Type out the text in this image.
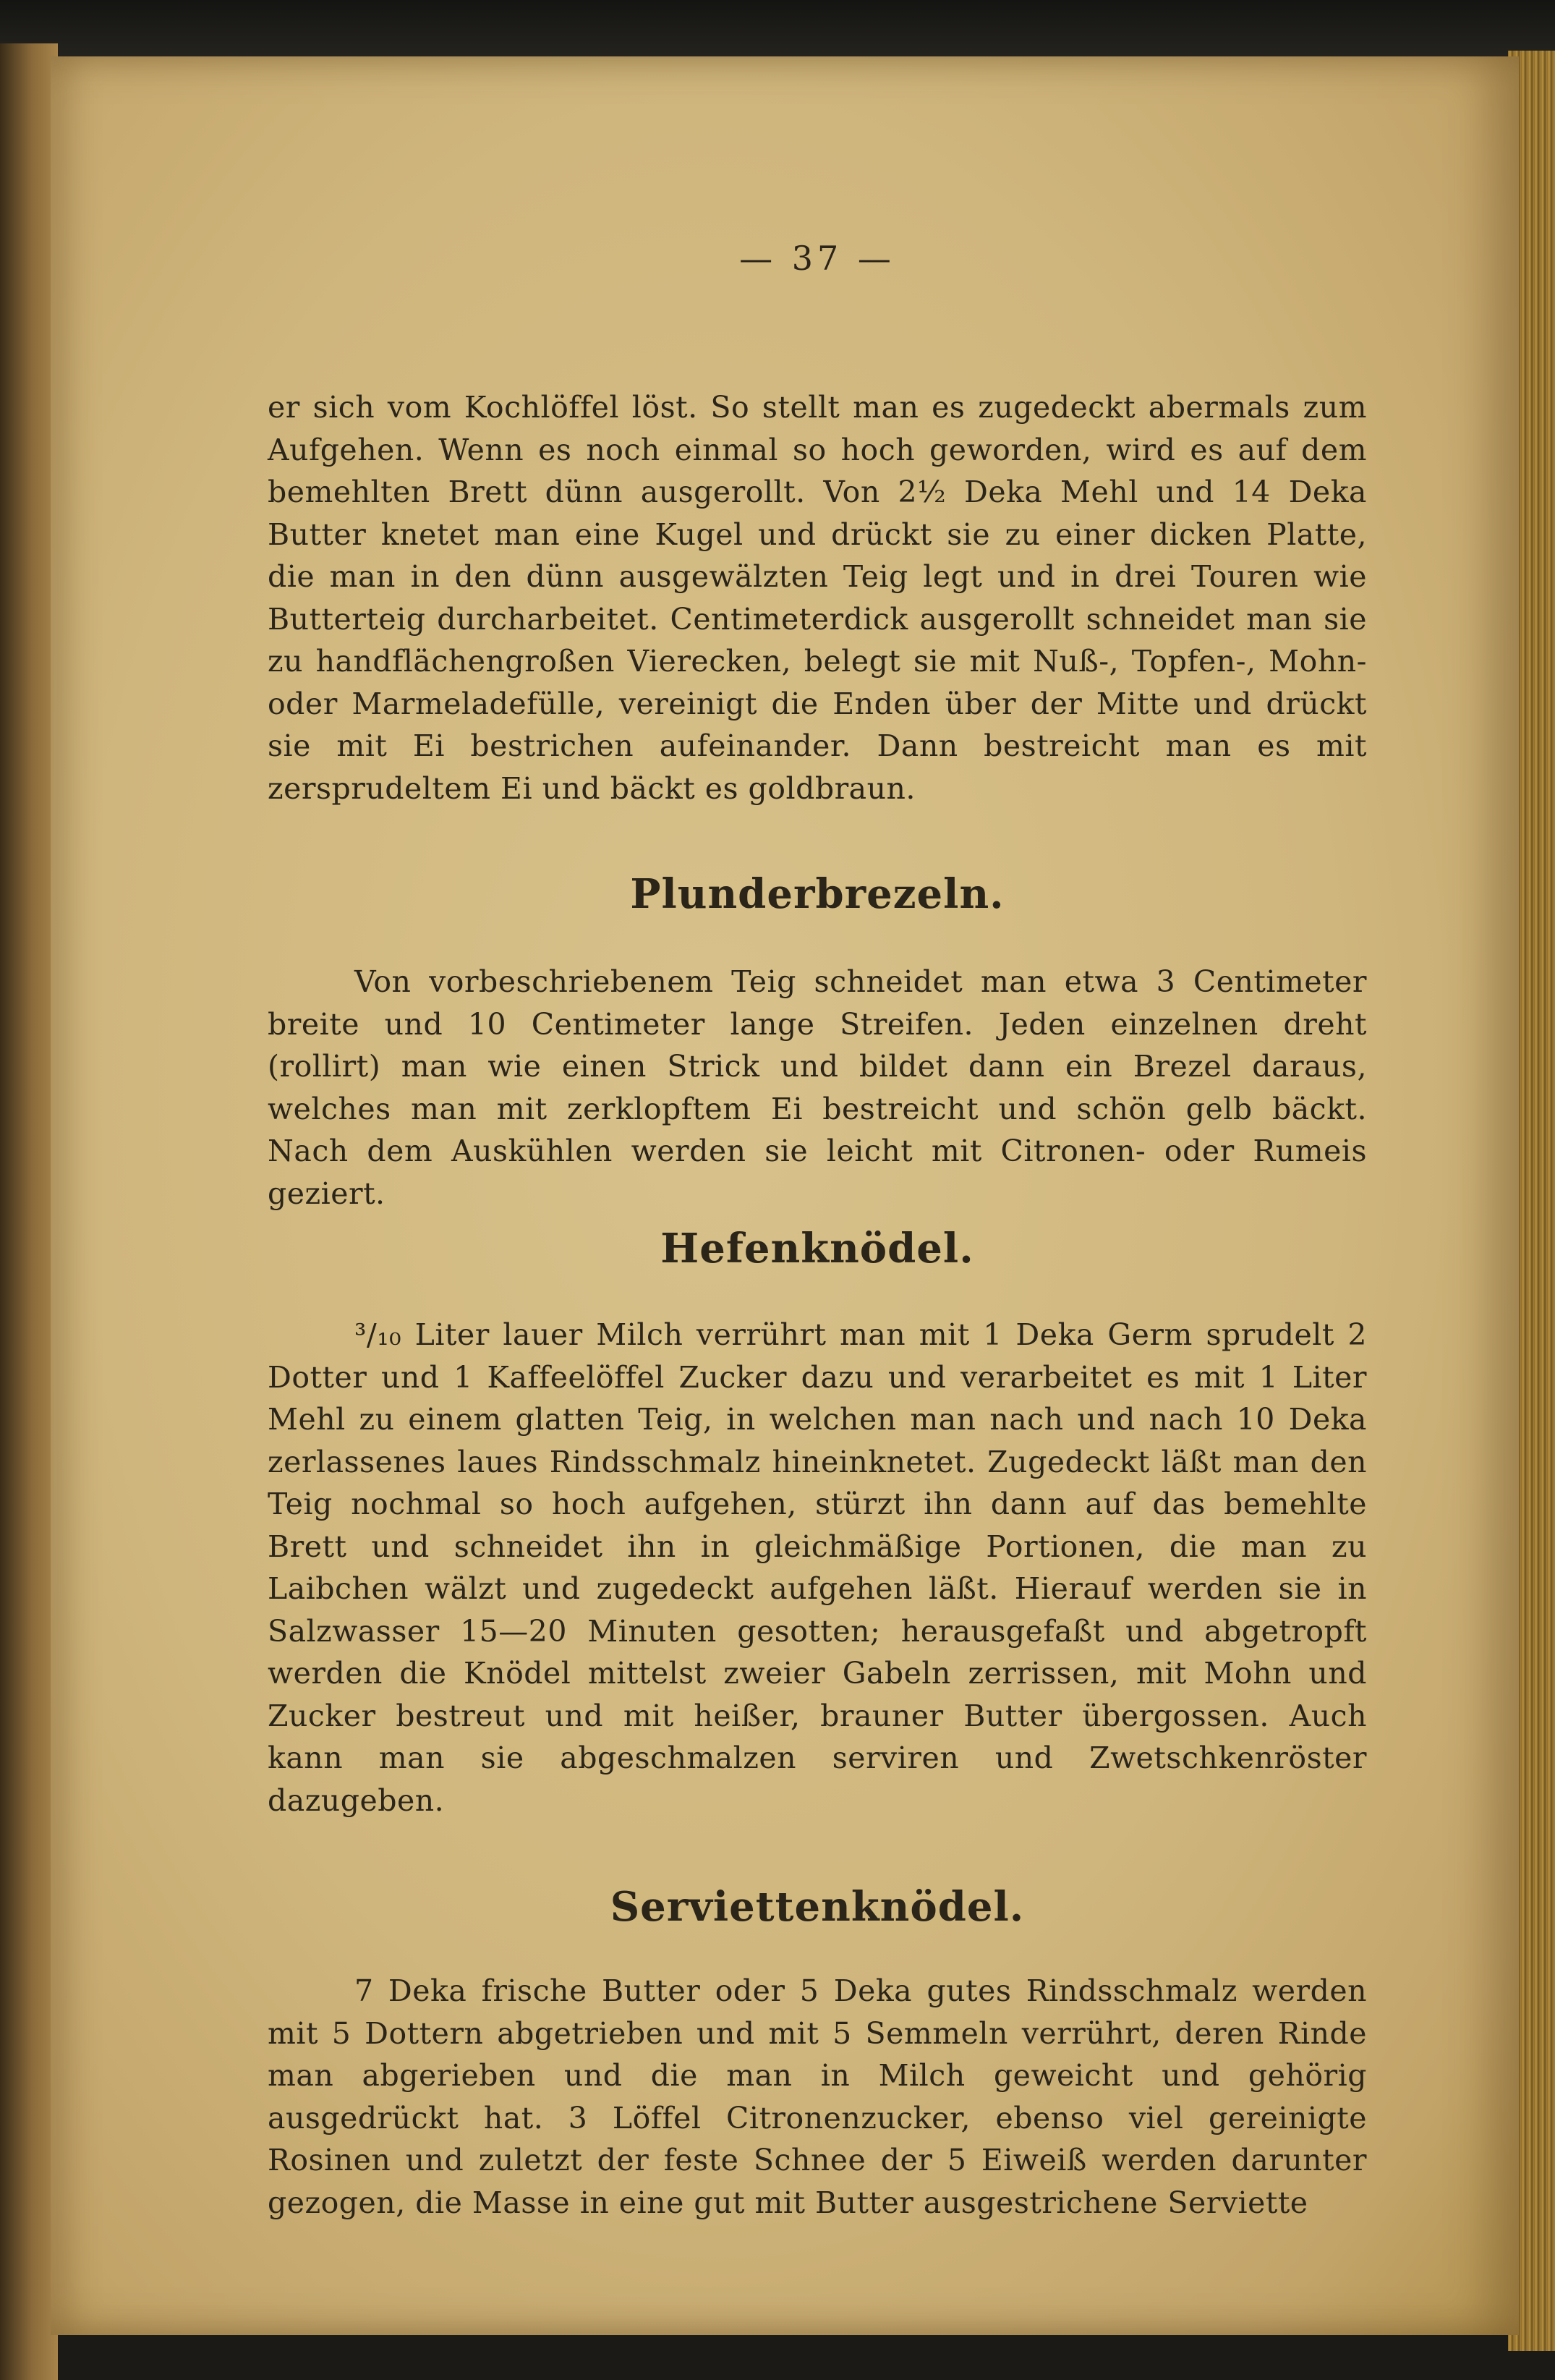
— 37 —

er sich vom Kochlöffel löst. So stellt man es zugedeckt abermals zum Aufgehen. Wenn es noch einmal so hoch geworden, wird es auf dem bemehlten Brett dünn ausgerollt. Von 2½ Deka Mehl und 14 Deka Butter knetet man eine Kugel und drückt sie zu einer dicken Platte, die man in den dünn ausgewälzten Teig legt und in drei Touren wie Butterteig durcharbeitet. Centimeterdick ausgerollt schneidet man sie zu handflächengroßen Vierecken, belegt sie mit Nuß-, Topfen-, Mohn- oder Marmeladefülle, vereinigt die Enden über der Mitte und drückt sie mit Ei bestrichen aufeinander. Dann bestreicht man es mit zersprudeltem Ei und bäckt es goldbraun.

Plunderbrezeln.

Von vorbeschriebenem Teig schneidet man etwa 3 Centimeter breite und 10 Centimeter lange Streifen. Jeden einzelnen dreht (rollirt) man wie einen Strick und bildet dann ein Brezel daraus, welches man mit zerklopftem Ei bestreicht und schön gelb bäckt. Nach dem Auskühlen werden sie leicht mit Citronen- oder Rumeis geziert.

Hefenknödel.

³/₁₀ Liter lauer Milch verrührt man mit 1 Deka Germ sprudelt 2 Dotter und 1 Kaffeelöffel Zucker dazu und verarbeitet es mit 1 Liter Mehl zu einem glatten Teig, in welchen man nach und nach 10 Deka zerlassenes laues Rindsschmalz hineinknetet. Zugedeckt läßt man den Teig nochmal so hoch aufgehen, stürzt ihn dann auf das bemehlte Brett und schneidet ihn in gleichmäßige Portionen, die man zu Laibchen wälzt und zugedeckt aufgehen läßt. Hierauf werden sie in Salzwasser 15—20 Minuten gesotten; herausgefaßt und abgetropft werden die Knödel mittelst zweier Gabeln zerrissen, mit Mohn und Zucker bestreut und mit heißer, brauner Butter übergossen. Auch kann man sie abgeschmalzen serviren und Zwetschkenröster dazugeben.

Serviettenknödel.

7 Deka frische Butter oder 5 Deka gutes Rindsschmalz werden mit 5 Dottern abgetrieben und mit 5 Semmeln verrührt, deren Rinde man abgerieben und die man in Milch geweicht und gehörig ausgedrückt hat. 3 Löffel Citronenzucker, ebenso viel gereinigte Rosinen und zuletzt der feste Schnee der 5 Eiweiß werden darunter gezogen, die Masse in eine gut mit Butter ausgestrichene Serviette
